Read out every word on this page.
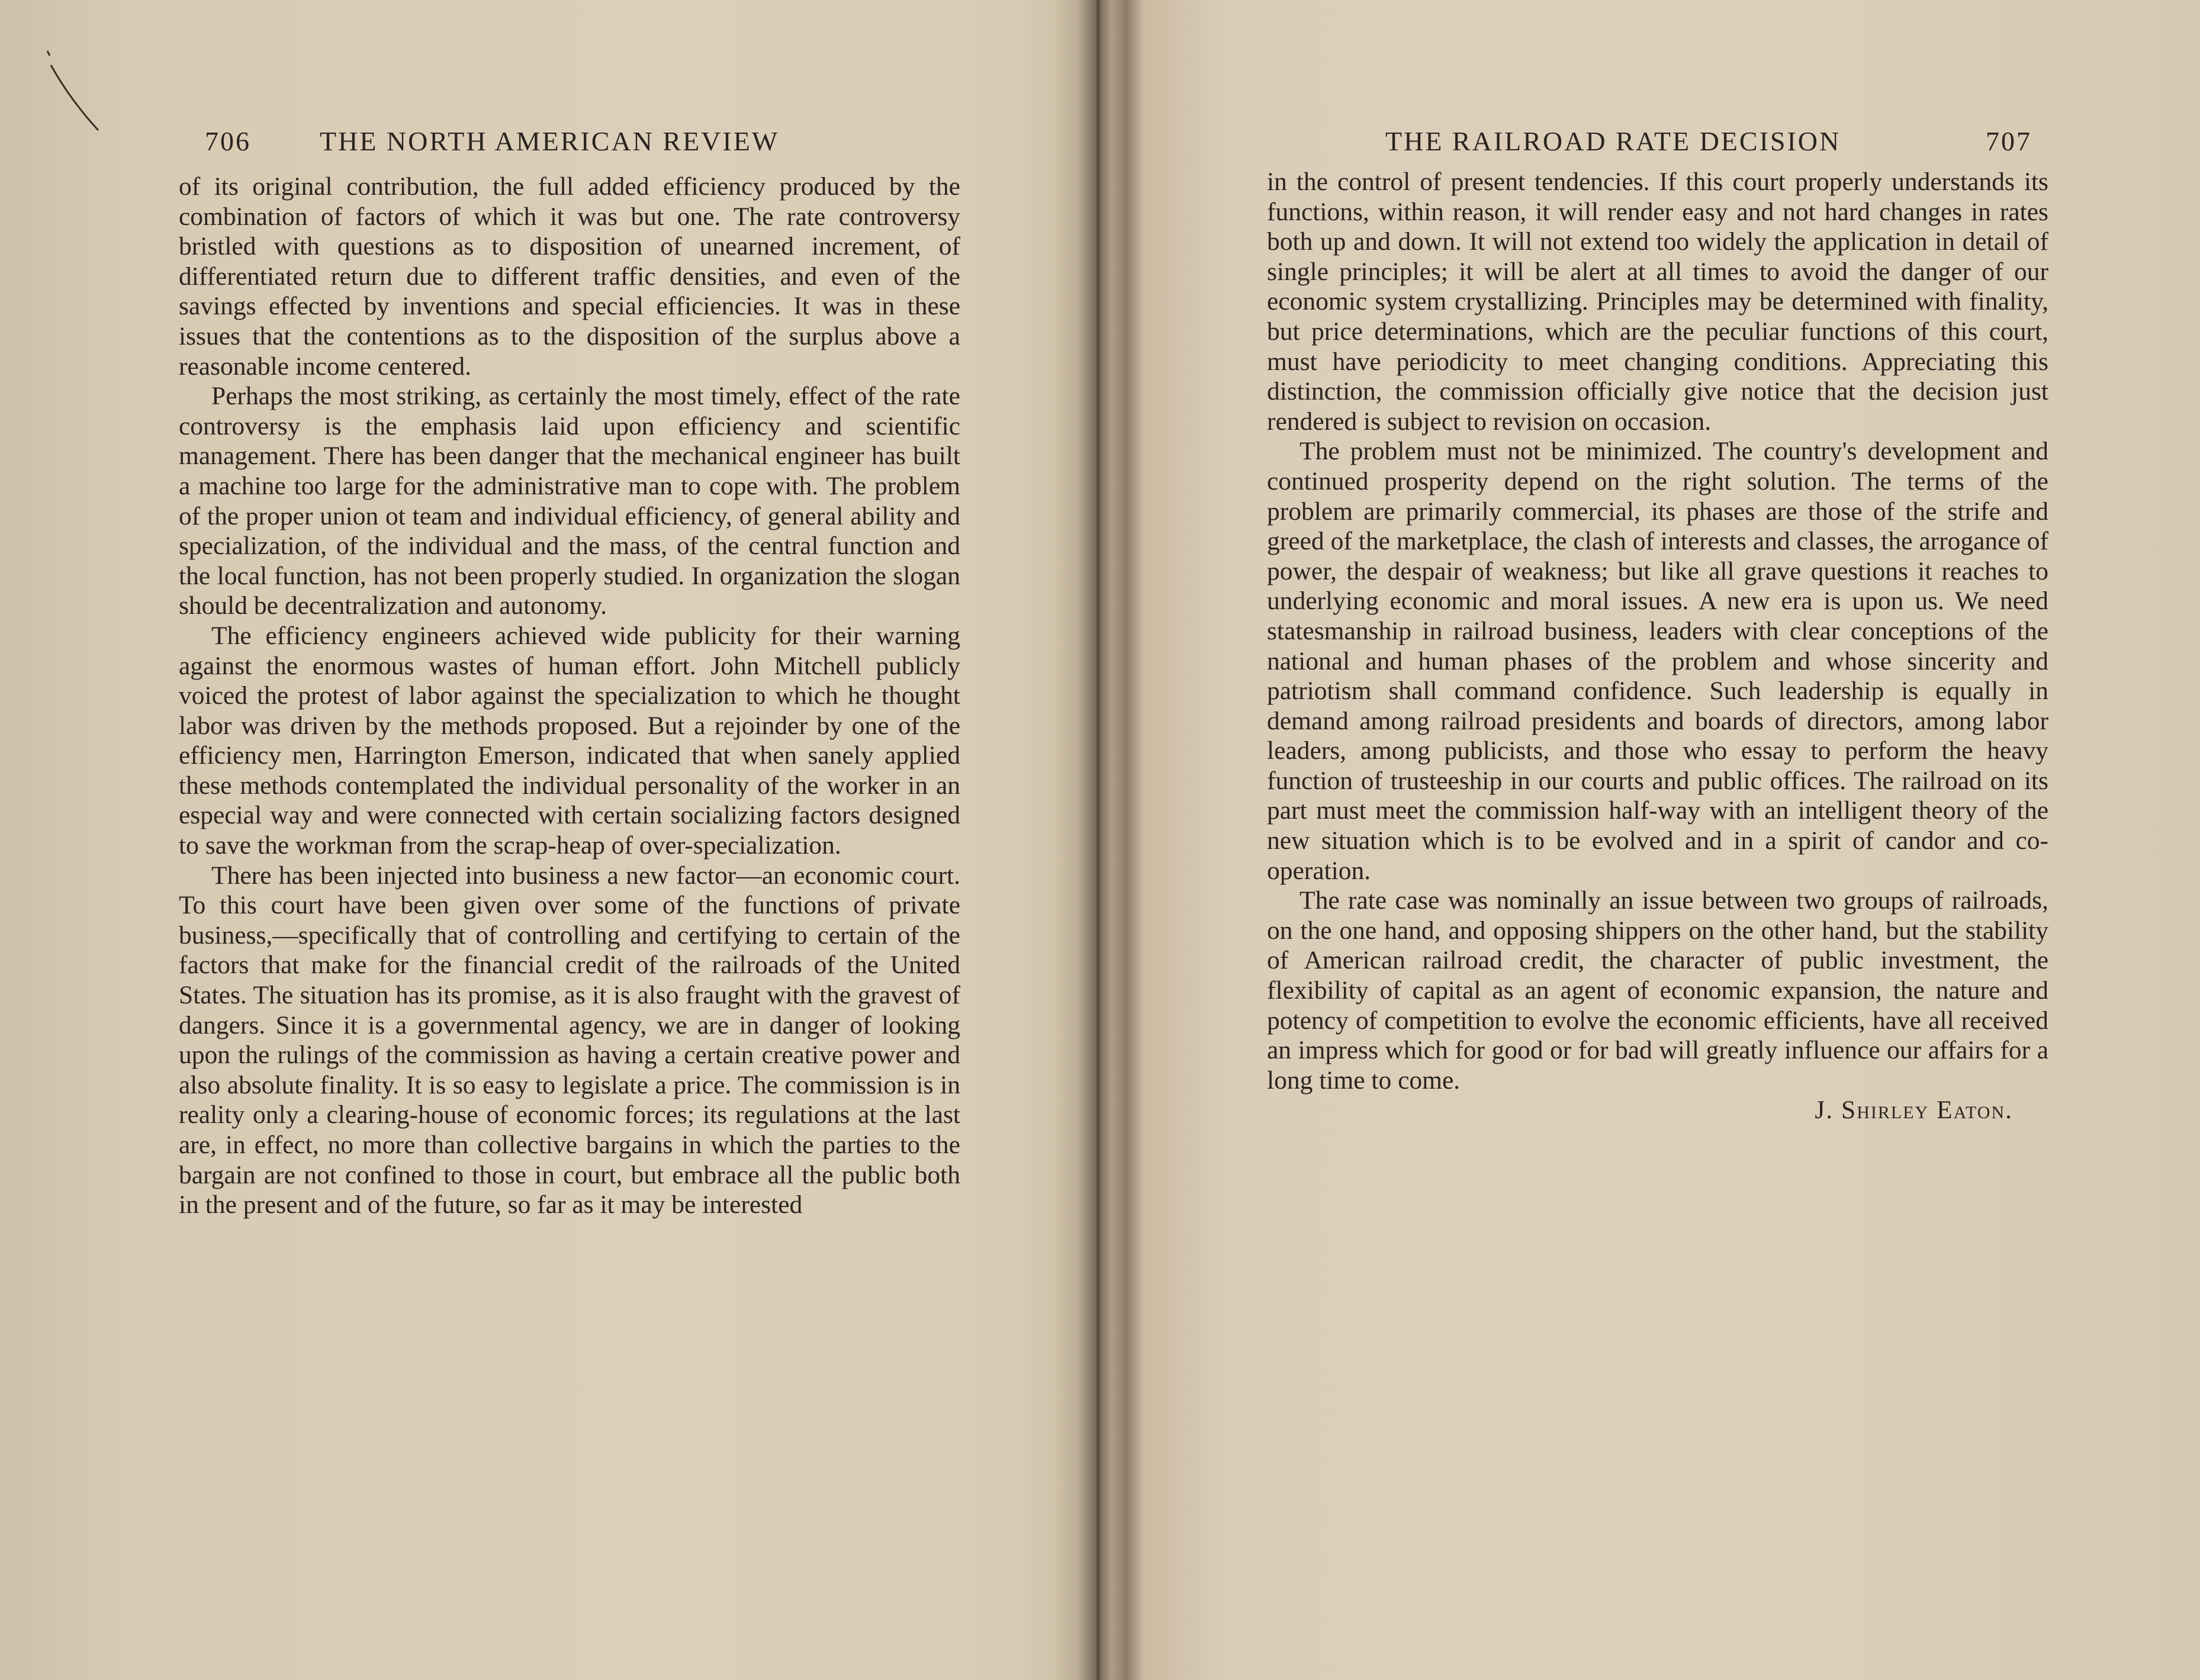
706	THE NORTH AMERICAN REVIEW

of its original contribution, the full added efficiency produced by the combination of factors of which it was but one. The rate controversy bristled with questions as to disposition of unearned increment, of differentiated return due to different traffic densities, and even of the savings effected by inventions and special efficiencies. It was in these issues that the contentions as to the disposition of the surplus above a reasonable income centered.

Perhaps the most striking, as certainly the most timely, effect of the rate controversy is the emphasis laid upon efficiency and scientific management. There has been danger that the mechanical engineer has built a machine too large for the administrative man to cope with. The problem of the proper union ot team and individual efficiency, of general ability and specialization, of the individual and the mass, of the central function and the local function, has not been properly studied. In organization the slogan should be decentralization and autonomy.

The efficiency engineers achieved wide publicity for their warning against the enormous wastes of human effort. John Mitchell publicly voiced the protest of labor against the specialization to which he thought labor was driven by the methods proposed. But a rejoinder by one of the efficiency men, Harrington Emerson, indicated that when sanely applied these methods contemplated the individual personality of the worker in an especial way and were connected with certain socializing factors designed to save the workman from the scrap-heap of over-specialization.

There has been injected into business a new factor—an economic court. To this court have been given over some of the functions of private business,—specifically that of controlling and certifying to certain of the factors that make for the financial credit of the railroads of the United States. The situation has its promise, as it is also fraught with the gravest of dangers. Since it is a governmental agency, we are in danger of looking upon the rulings of the commission as having a certain creative power and also absolute finality. It is so easy to legislate a price. The commission is in reality only a clearing-house of economic forces; its regulations at the last are, in effect, no more than collective bargains in which the parties to the bargain are not confined to those in court, but embrace all the public both in the present and of the future, so far as it may be interested

THE RAILROAD RATE DECISION	707

in the control of present tendencies. If this court properly understands its functions, within reason, it will render easy and not hard changes in rates both up and down. It will not extend too widely the application in detail of single principles; it will be alert at all times to avoid the danger of our economic system crystallizing. Principles may be determined with finality, but price determinations, which are the peculiar functions of this court, must have periodicity to meet changing conditions. Appreciating this distinction, the commission officially give notice that the decision just rendered is subject to revision on occasion.

The problem must not be minimized. The country's development and continued prosperity depend on the right solution. The terms of the problem are primarily commercial, its phases are those of the strife and greed of the marketplace, the clash of interests and classes, the arrogance of power, the despair of weakness; but like all grave questions it reaches to underlying economic and moral issues. A new era is upon us. We need statesmanship in railroad business, leaders with clear conceptions of the national and human phases of the problem and whose sincerity and patriotism shall command confidence. Such leadership is equally in demand among railroad presidents and boards of directors, among labor leaders, among publicists, and those who essay to perform the heavy function of trusteeship in our courts and public offices. The railroad on its part must meet the commission half-way with an intelligent theory of the new situation which is to be evolved and in a spirit of candor and co-operation.

The rate case was nominally an issue between two groups of railroads, on the one hand, and opposing shippers on the other hand, but the stability of American railroad credit, the character of public investment, the flexibility of capital as an agent of economic expansion, the nature and potency of competition to evolve the economic efficients, have all received an impress which for good or for bad will greatly influence our affairs for a long time to come.

J. Shirley Eaton.
